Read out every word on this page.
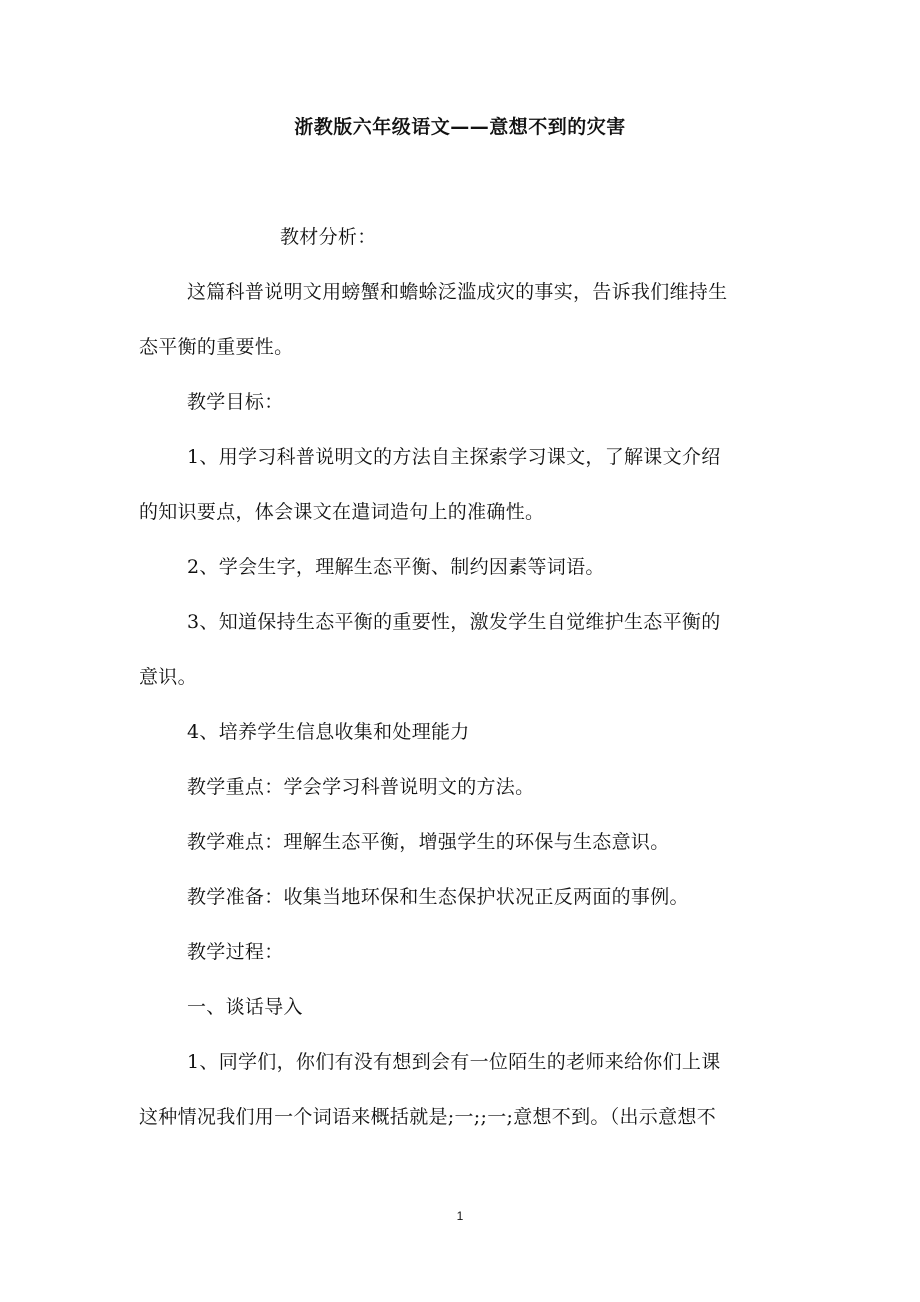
浙教版六年级语文——意想不到的灾害
教材分析：
这篇科普说明文用螃蟹和蟾蜍泛滥成灾的事实，告诉我们维持生
态平衡的重要性。
教学目标：
1、用学习科普说明文的方法自主探索学习课文，了解课文介绍
的知识要点，体会课文在遣词造句上的准确性。
2、学会生字，理解生态平衡、制约因素等词语。
3、知道保持生态平衡的重要性，激发学生自觉维护生态平衡的
意识。
4、培养学生信息收集和处理能力
教学重点：学会学习科普说明文的方法。
教学难点：理解生态平衡，增强学生的环保与生态意识。
教学准备：收集当地环保和生态保护状况正反两面的事例。
教学过程：
一、谈话导入
1、同学们，你们有没有想到会有一位陌生的老师来给你们上课
这种情况我们用一个词语来概括就是;一;;一;意想不到。（出示意想不
1
